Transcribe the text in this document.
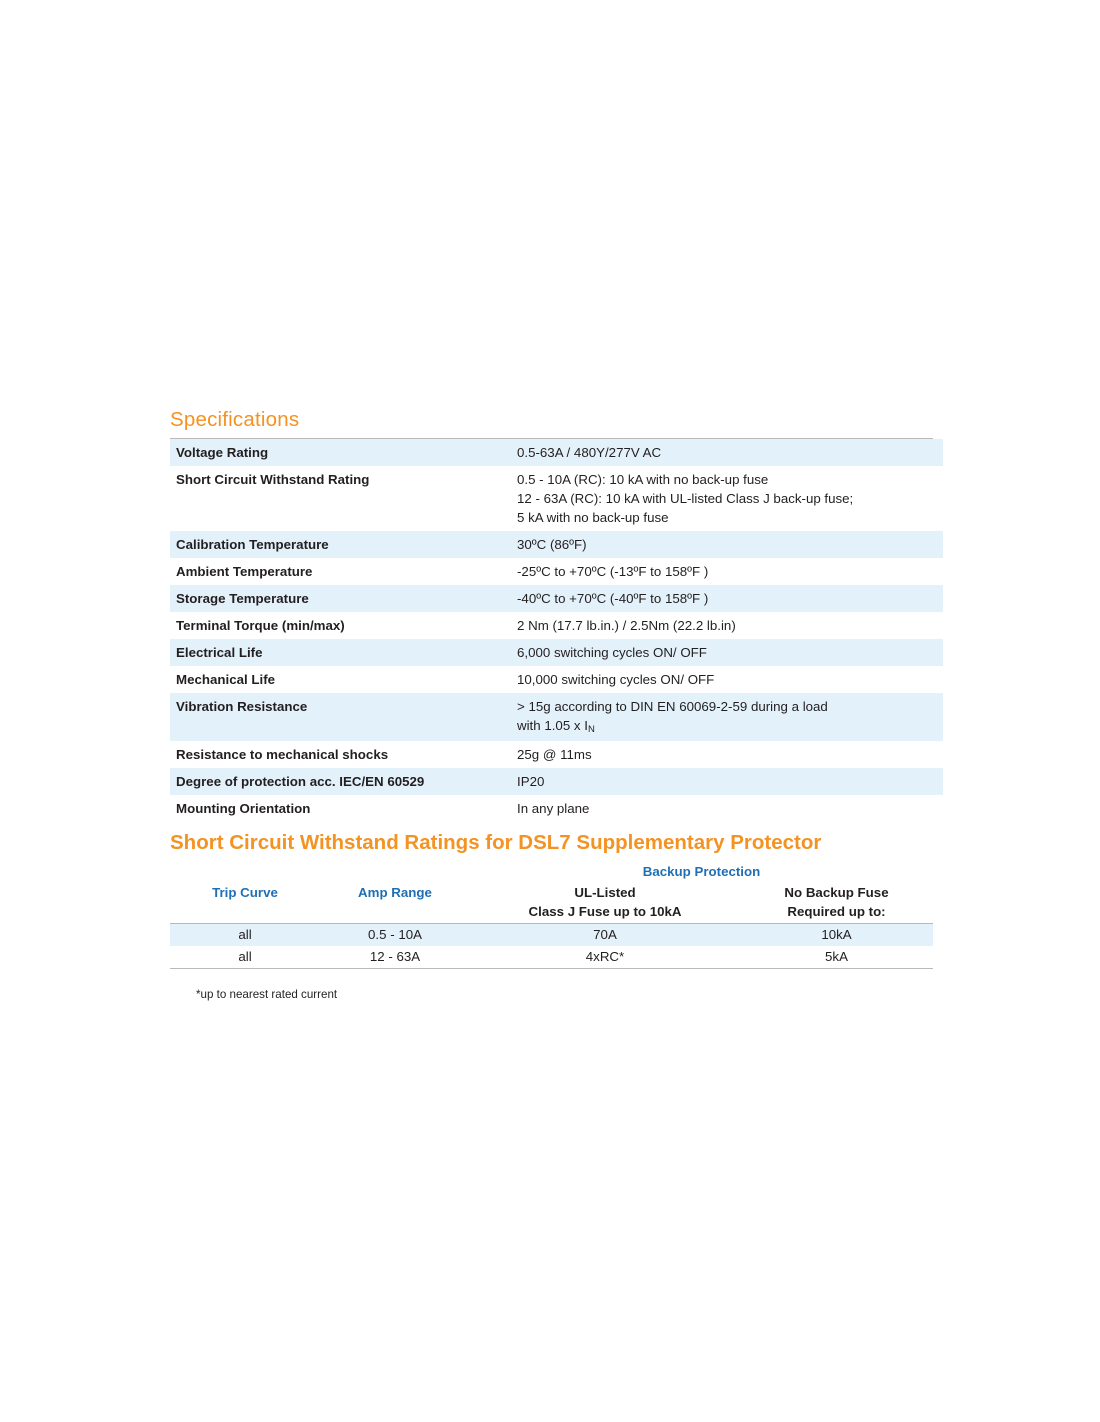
Specifications
Voltage Rating	0.5-63A / 480Y/277V AC
Short Circuit Withstand Rating	0.5 - 10A (RC): 10 kA with no back-up fuse
12 - 63A (RC): 10 kA with UL-listed Class J back-up fuse;
5 kA with no back-up fuse

Calibration Temperature	30ºC (86ºF)
Ambient Temperature	-25ºC to +70ºC (-13ºF to 158ºF )
Storage Temperature	-40ºC to +70ºC (-40ºF to 158ºF )
Terminal Torque (min/max)	2 Nm (17.7 lb.in.) / 2.5Nm (22.2 lb.in)
Electrical Life	6,000 switching cycles ON/ OFF
Mechanical Life	10,000 switching cycles ON/ OFF
Vibration Resistance	> 15g according to DIN EN 60069-2-59 during a load
with 1.05 x IN

Resistance to mechanical shocks	25g @ 11ms
Degree of protection acc. IEC/EN 60529	IP20
Mounting Orientation	In any plane
Short Circuit Withstand Ratings for DSL7 Supplementary Protector
Trip Curve	Amp Range	Backup Protection	

UL-Listed
Class J Fuse up to 10kA

No Backup Fuse
Required up to:
all	0.5 - 10A	70A	10kA
all	12 - 63A	4xRC*	5kA
*up to nearest rated current
